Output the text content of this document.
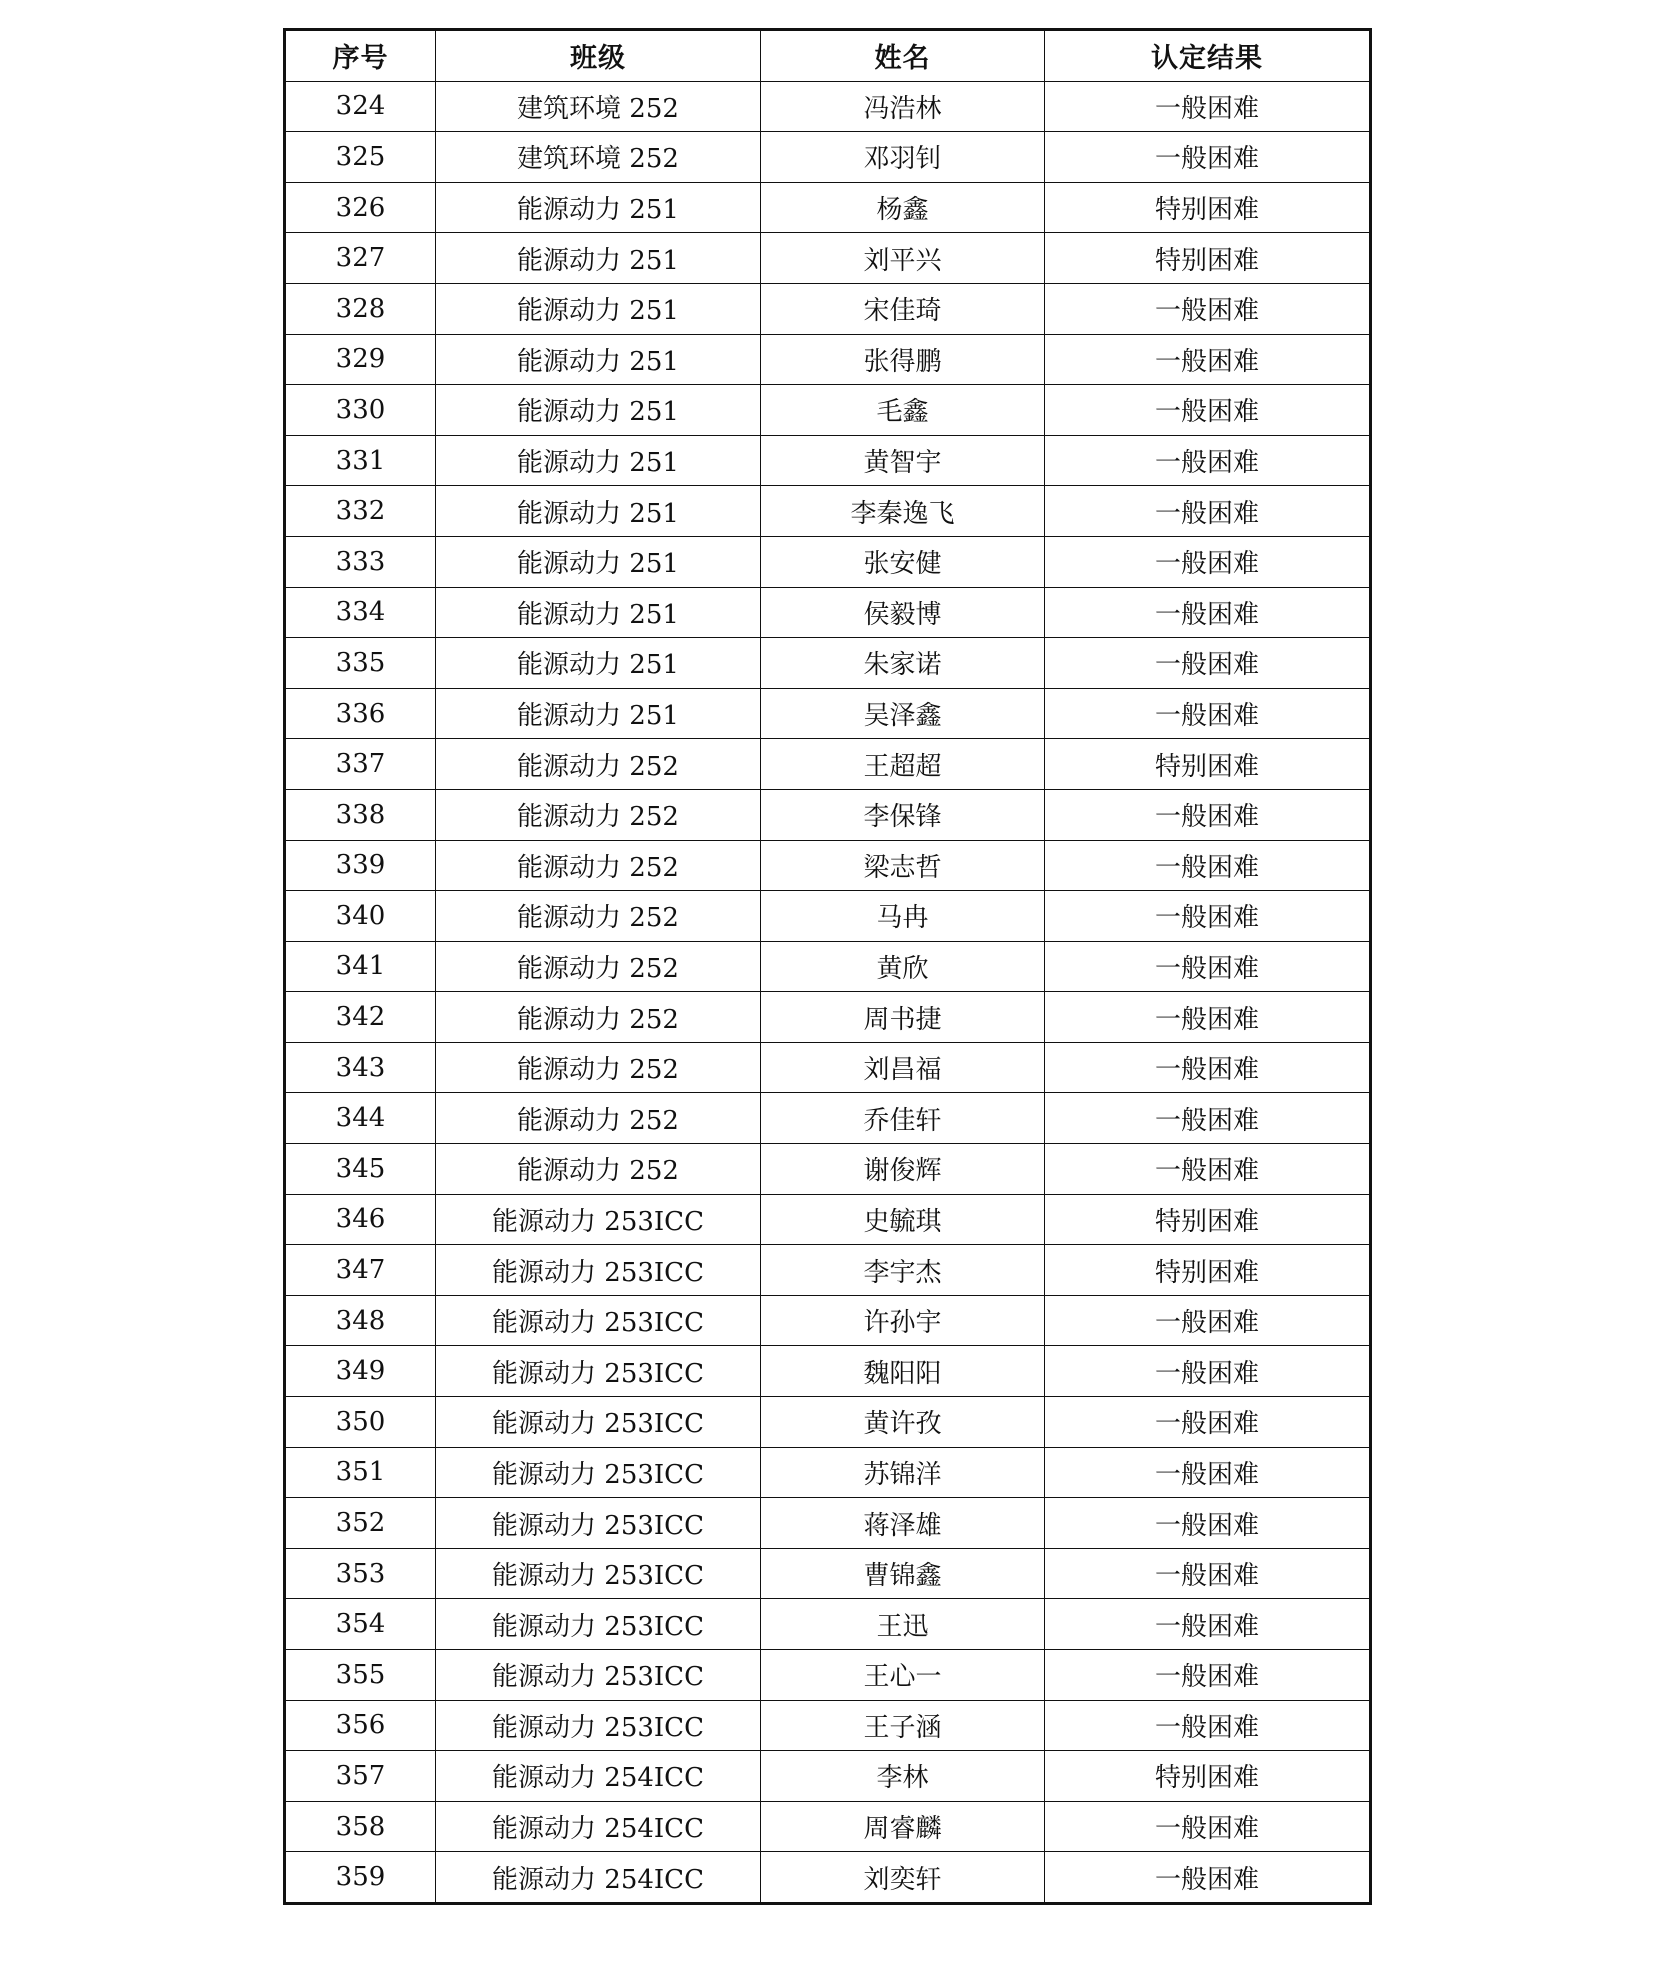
序号	班级	姓名	认定结果
324	建筑环境 252	冯浩林	一般困难
325	建筑环境 252	邓羽钊	一般困难
326	能源动力 251	杨鑫	特别困难
327	能源动力 251	刘平兴	特别困难
328	能源动力 251	宋佳琦	一般困难
329	能源动力 251	张得鹏	一般困难
330	能源动力 251	毛鑫	一般困难
331	能源动力 251	黄智宇	一般困难
332	能源动力 251	李秦逸飞	一般困难
333	能源动力 251	张安健	一般困难
334	能源动力 251	侯毅博	一般困难
335	能源动力 251	朱家诺	一般困难
336	能源动力 251	吴泽鑫	一般困难
337	能源动力 252	王超超	特别困难
338	能源动力 252	李保锋	一般困难
339	能源动力 252	梁志哲	一般困难
340	能源动力 252	马冉	一般困难
341	能源动力 252	黄欣	一般困难
342	能源动力 252	周书捷	一般困难
343	能源动力 252	刘昌福	一般困难
344	能源动力 252	乔佳轩	一般困难
345	能源动力 252	谢俊辉	一般困难
346	能源动力 253ICC	史毓琪	特别困难
347	能源动力 253ICC	李宇杰	特别困难
348	能源动力 253ICC	许孙宇	一般困难
349	能源动力 253ICC	魏阳阳	一般困难
350	能源动力 253ICC	黄许孜	一般困难
351	能源动力 253ICC	苏锦洋	一般困难
352	能源动力 253ICC	蒋泽雄	一般困难
353	能源动力 253ICC	曹锦鑫	一般困难
354	能源动力 253ICC	王迅	一般困难
355	能源动力 253ICC	王心一	一般困难
356	能源动力 253ICC	王子涵	一般困难
357	能源动力 254ICC	李林	特别困难
358	能源动力 254ICC	周睿麟	一般困难
359	能源动力 254ICC	刘奕轩	一般困难
